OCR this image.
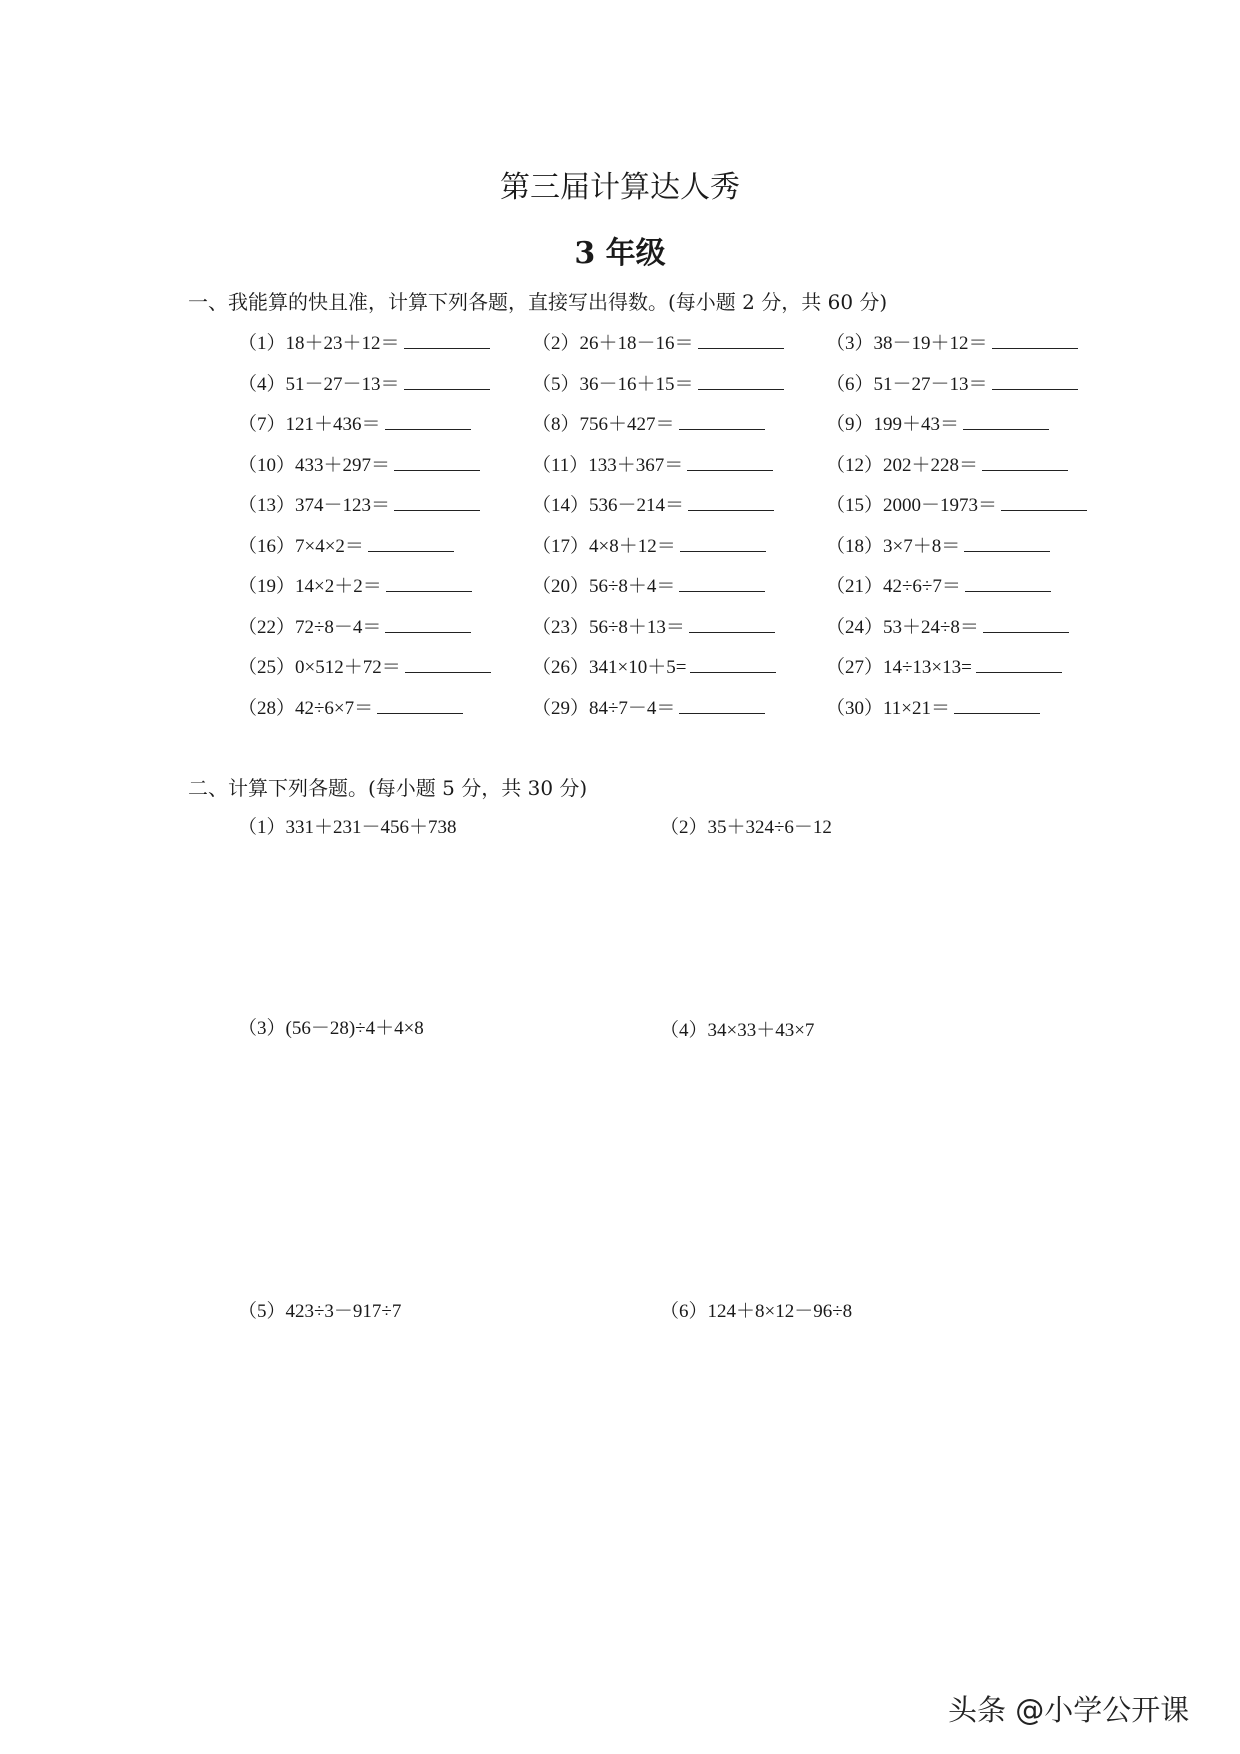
第三届计算达人秀
3 年级
一、我能算的快且准，计算下列各题，直接写出得数。(每小题 2 分，共 60 分)
（1）18＋23＋12＝	（2）26＋18－16＝	（3）38－19＋12＝
（4）51－27－13＝	（5）36－16＋15＝	（6）51－27－13＝
（7）121＋436＝	（8）756＋427＝	（9）199＋43＝
（10）433＋297＝	（11）133＋367＝	（12）202＋228＝
（13）374－123＝	（14）536－214＝	（15）2000－1973＝
（16）7×4×2＝	（17）4×8＋12＝	（18）3×7＋8＝
（19）14×2＋2＝	（20）56÷8＋4＝	（21）42÷6÷7＝
（22）72÷8－4＝	（23）56÷8＋13＝	（24）53＋24÷8＝
（25）0×512＋72＝	（26）341×10＋5=	（27）14÷13×13=
（28）42÷6×7＝	（29）84÷7－4＝	（30）11×21＝
二、计算下列各题。(每小题 5 分，共 30 分)
（1）331＋231－456＋738	（2）35＋324÷6－12
（3）(56－28)÷4＋4×8	（4）34×33＋43×7
（5）423÷3－917÷7	（6）124＋8×12－96÷8
头条 @小学公开课
